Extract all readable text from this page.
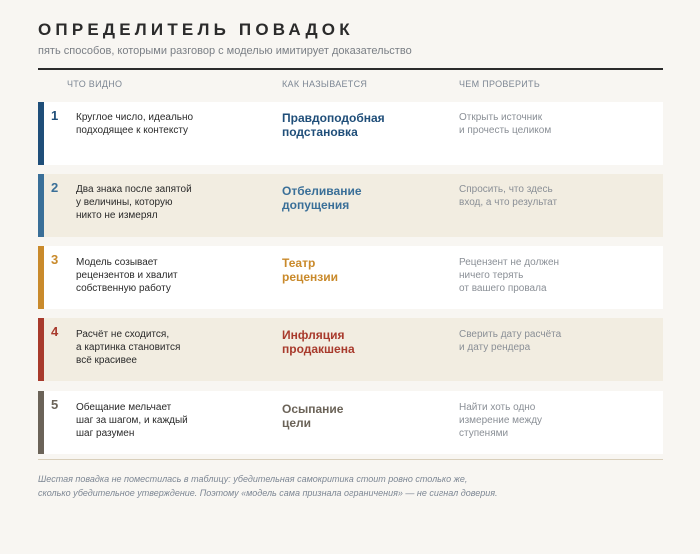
ОПРЕДЕЛИТЕЛЬ ПОВАДОК
пять способов, которыми разговор с моделью имитирует доказательство
ЧТО ВИДНО	КАК НАЗЫВАЕТСЯ	ЧЕМ ПРОВЕРИТЬ
1 Круглое число, идеально
подходящее к контексту
Правдоподобная
подстановка
Открыть источник
и прочесть целиком
2 Два знака после запятой
у величины, которую
никто не измерял
Отбеливание
допущения
Спросить, что здесь
вход, а что результат
3 Модель созывает
рецензентов и хвалит
собственную работу
Театр
рецензии
Рецензент не должен
ничего терять
от вашего провала
4 Расчёт не сходится,
а картинка становится
всё красивее
Инфляция
продакшена
Сверить дату расчёта
и дату рендера
5 Обещание мельчает
шаг за шагом, и каждый
шаг разумен
Осыпание
цели
Найти хоть одно
измерение между
ступенями
Шестая повадка не поместилась в таблицу: убедительная самокритика стоит ровно столько же,
сколько убедительное утверждение. Поэтому «модель сама признала ограничения» — не сигнал доверия.
